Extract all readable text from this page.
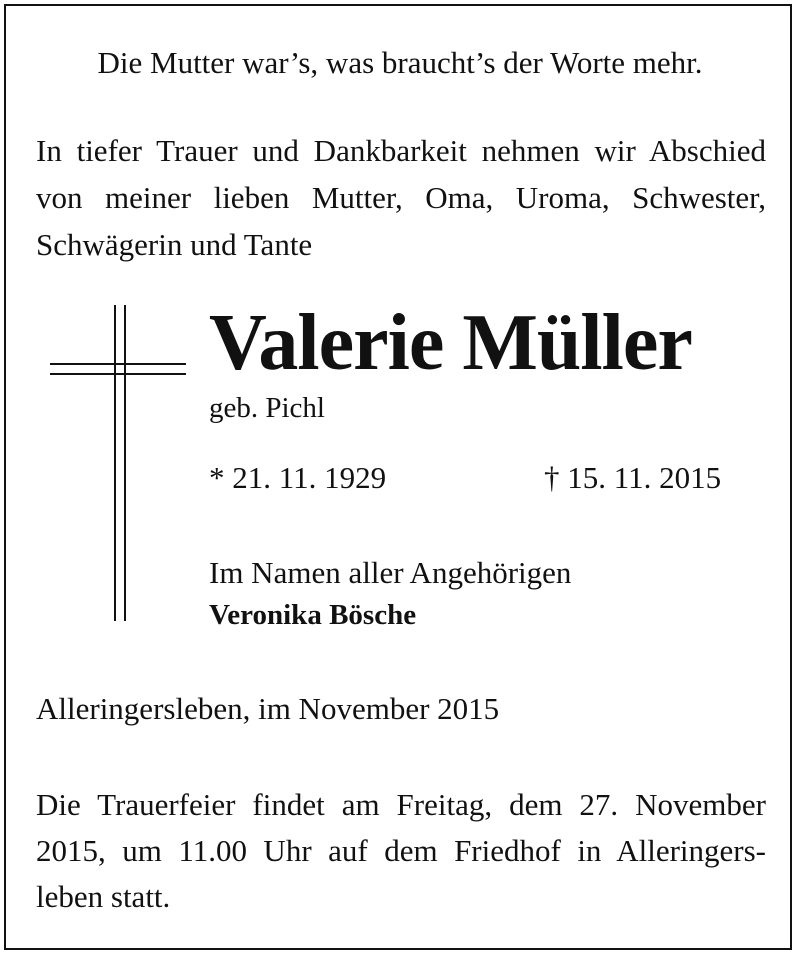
Die Mutter war’s, was braucht’s der Worte mehr.
In tiefer Trauer und Dankbarkeit nehmen wir Abschied
von meiner lieben Mutter, Oma, Uroma, Schwester,
Schwägerin und Tante
Valerie Müller
geb. Pichl
* 21. 11. 1929	† 15. 11. 2015
Im Namen aller Angehörigen
Veronika Bösche
Alleringersleben, im November 2015
Die Trauerfeier findet am Freitag, dem 27. November
2015, um 11.00 Uhr auf dem Friedhof in Alleringers-
leben statt.
